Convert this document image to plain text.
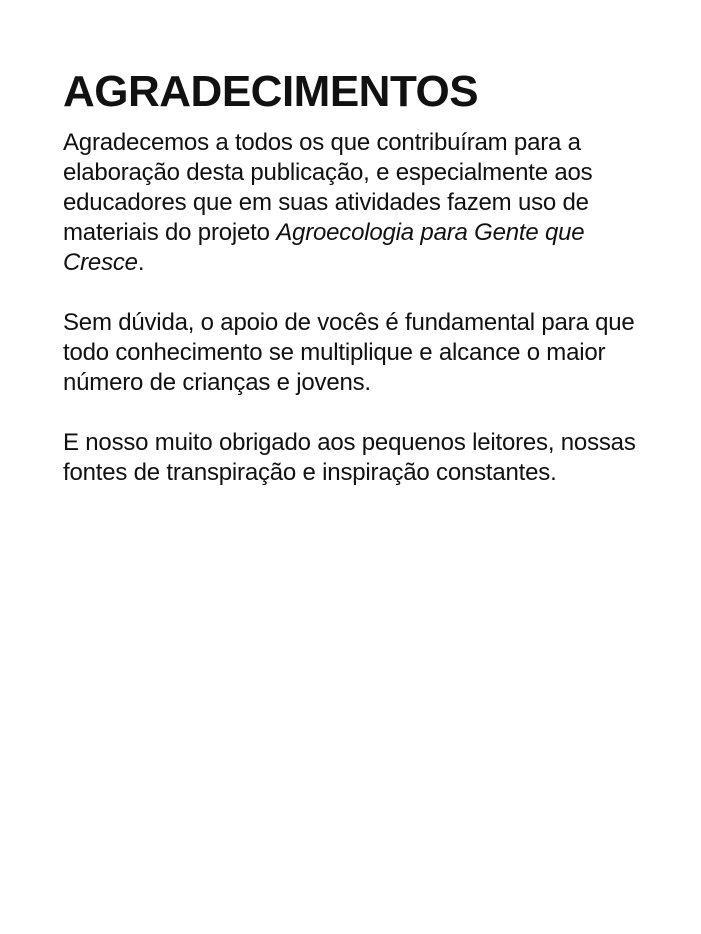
AGRADECIMENTOS

Agradecemos a todos os que contribuíram para a elaboração desta publicação, e especialmente aos educadores que em suas atividades fazem uso de materiais do projeto Agroecologia para Gente que Cresce.

Sem dúvida, o apoio de vocês é fundamental para que todo conhecimento se multiplique e alcance o maior número de crianças e jovens.

E nosso muito obrigado aos pequenos leitores, nossas fontes de transpiração e inspiração constantes.
